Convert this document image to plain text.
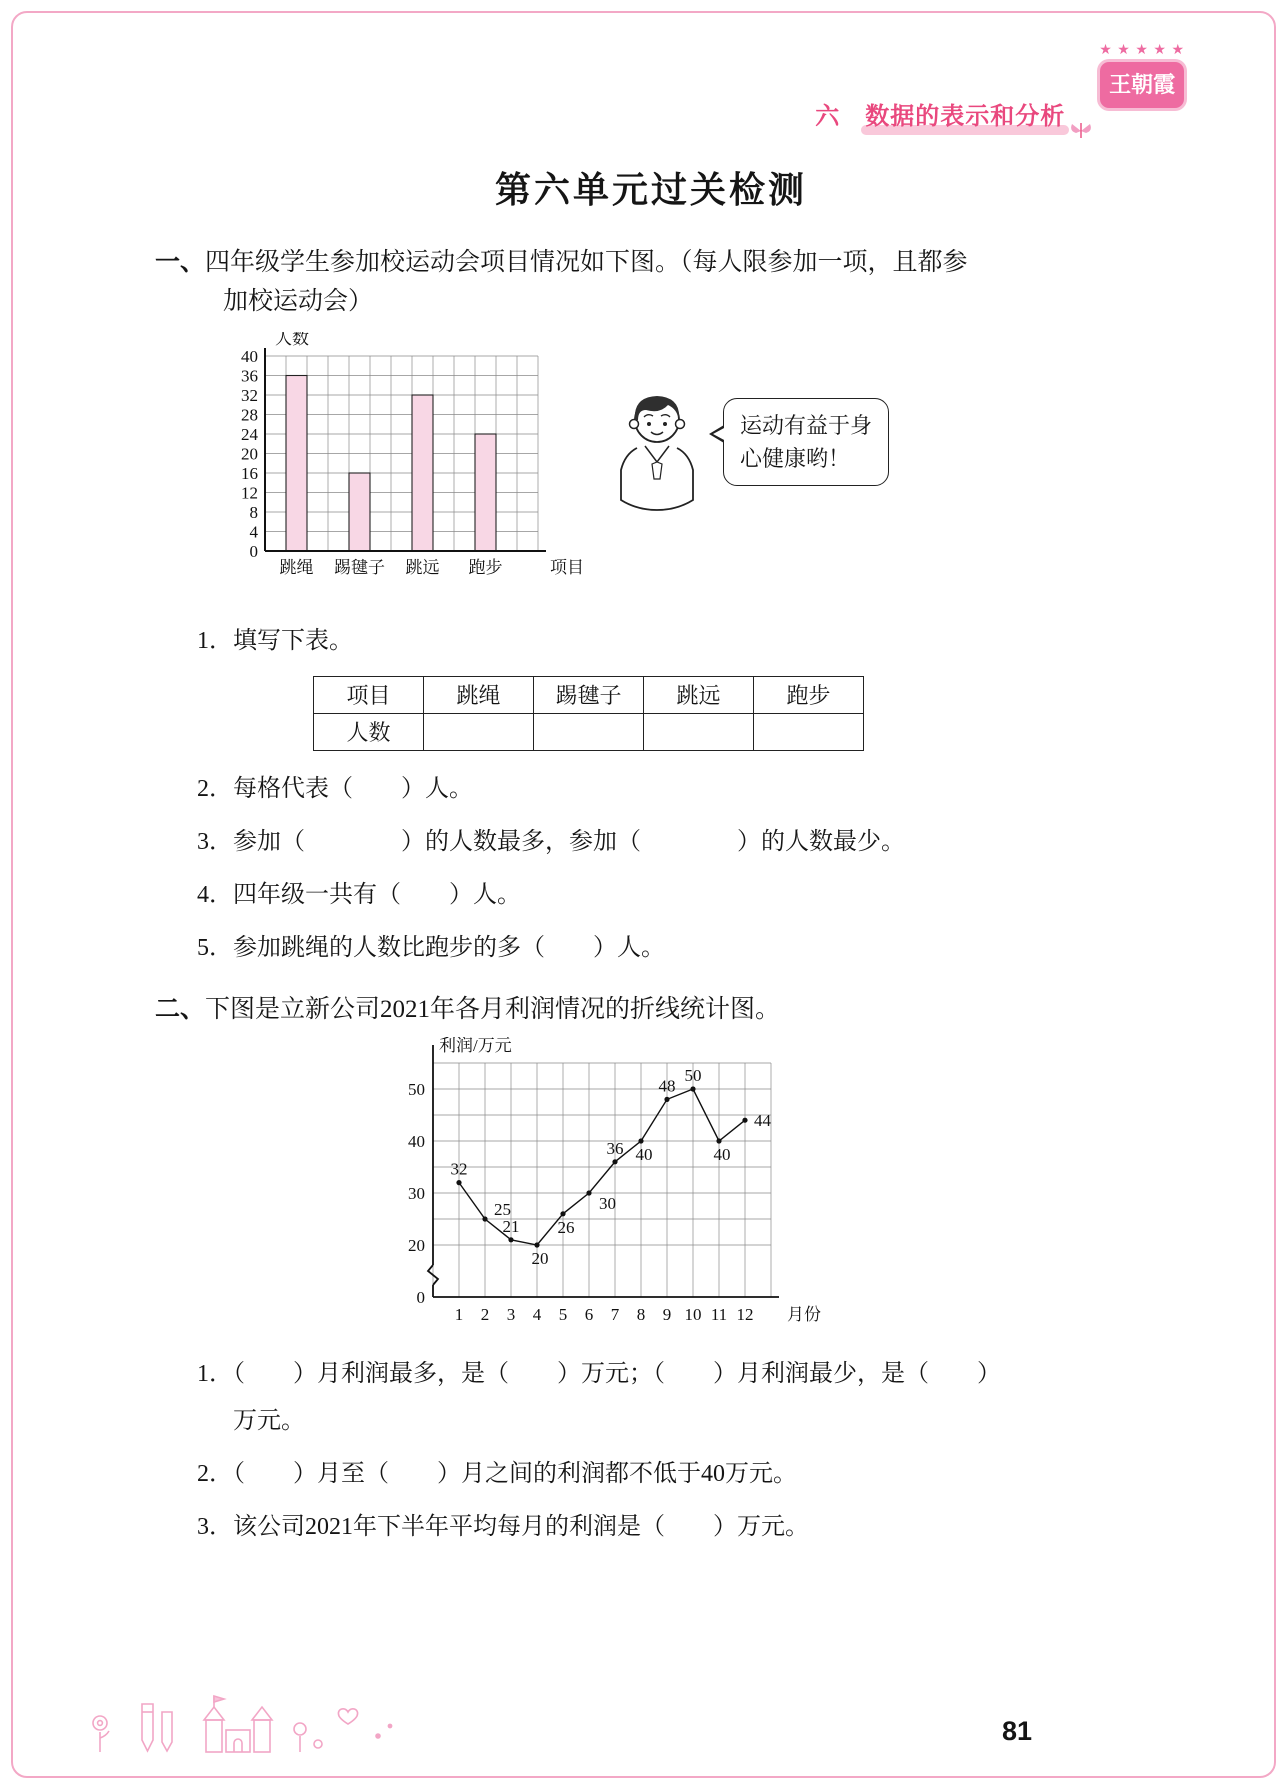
六　数据的表示和分析
★ ★ ★ ★ ★
王朝霞
第六单元过关检测

一、四年级学生参加校运动会项目情况如下图。（每人限参加一项，且都参

加校运动会）

40
36
32
28
24
20
16
12
8
4
0
人数
跳绳 踢毽子 跳远 跑步	项目
运动有益于身
心健康哟！
1．填写下表。
项目	跳绳	踢毽子	跳远	跑步
人数				
2．每格代表（　　）人。
3．参加（　　　　）的人数最多，参加（　　　　）的人数最少。
4．四年级一共有（　　）人。
5．参加跳绳的人数比跑步的多（　　）人。

二、下图是立新公司2021年各月利润情况的折线统计图。

0
20
30
40
50
利润/万元
1 2 3 4 5 6 7 8 9 10 11 12 月份
32
25
21
20
26
30
36 40
48
50
40
44
1．（　　）月利润最多，是（　　）万元；（　　）月利润最少，是（　　）
万元。
2．（　　）月至（　　）月之间的利润都不低于40万元。
3．该公司2021年下半年平均每月的利润是（　　）万元。
81
